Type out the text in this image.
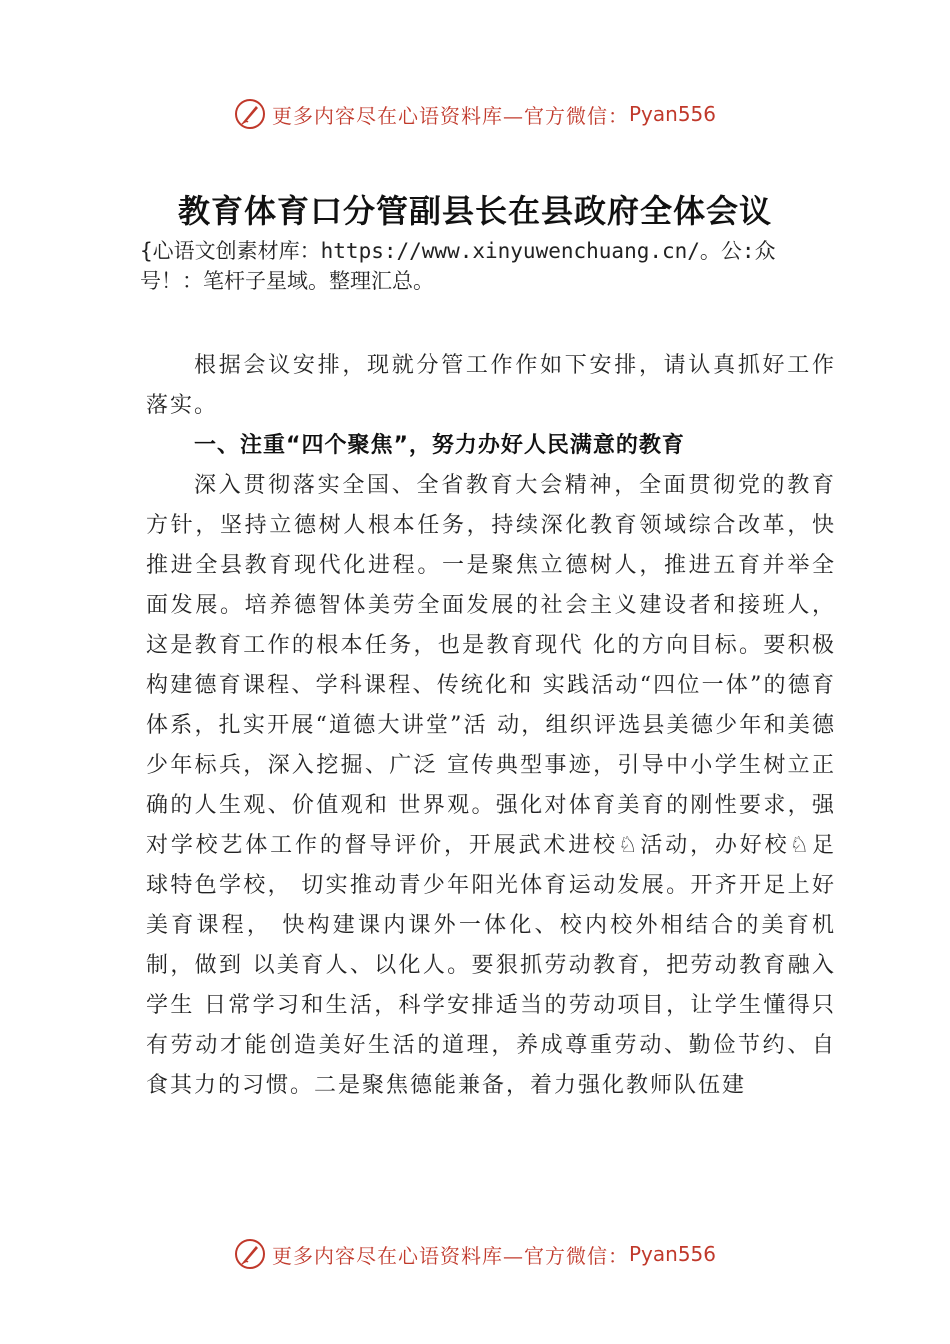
更多内容尽在心语资料库—官方微信： Pyan556
教育体育口分管副县长在县政府全体会议

{心语文创素材库：https://www.xinyuwenchuang.cn/。公:众号！：笔杆子星域。整理汇总。

根据会议安排，现就分管工作作如下安排，请认真抓好工作落实。

一、注重“四个聚焦”，努力办好人民满意的教育

深入贯彻落实全国、全省教育大会精神，全面贯彻党的教育方针，坚持立德树人根本任务，持续深化教育领域综合改革，快推进全县教育现代化进程。一是聚焦立德树人，推进五育并举全面发展。培养德智体美劳全面发展的社会主义建设者和接班人，这是教育工作的根本任务，也是教育现代 化的方向目标。要积极构建德育课程、学科课程、传统化和 实践活动“四位一体”的德育体系，扎实开展“道德大讲堂”活 动，组织评选县美德少年和美德少年标兵，深入挖掘、广泛 宣传典型事迹，引导中小学生树立正确的人生观、价值观和 世界观。强化对体育美育的刚性要求，强对学校艺体工作的督导评价，开展武术进校♘活动，办好校♘足球特色学校， 切实推动青少年阳光体育运动发展。开齐开足上好美育课程， 快构建课内课外一体化、校内校外相结合的美育机制，做到 以美育人、以化人。要狠抓劳动教育，把劳动教育融入学生 日常学习和生活，科学安排适当的劳动项目，让学生懂得只 有劳动才能创造美好生活的道理，养成尊重劳动、勤俭节约、自食其力的习惯。二是聚焦德能兼备，着力强化教师队伍建

更多内容尽在心语资料库—官方微信： Pyan556
